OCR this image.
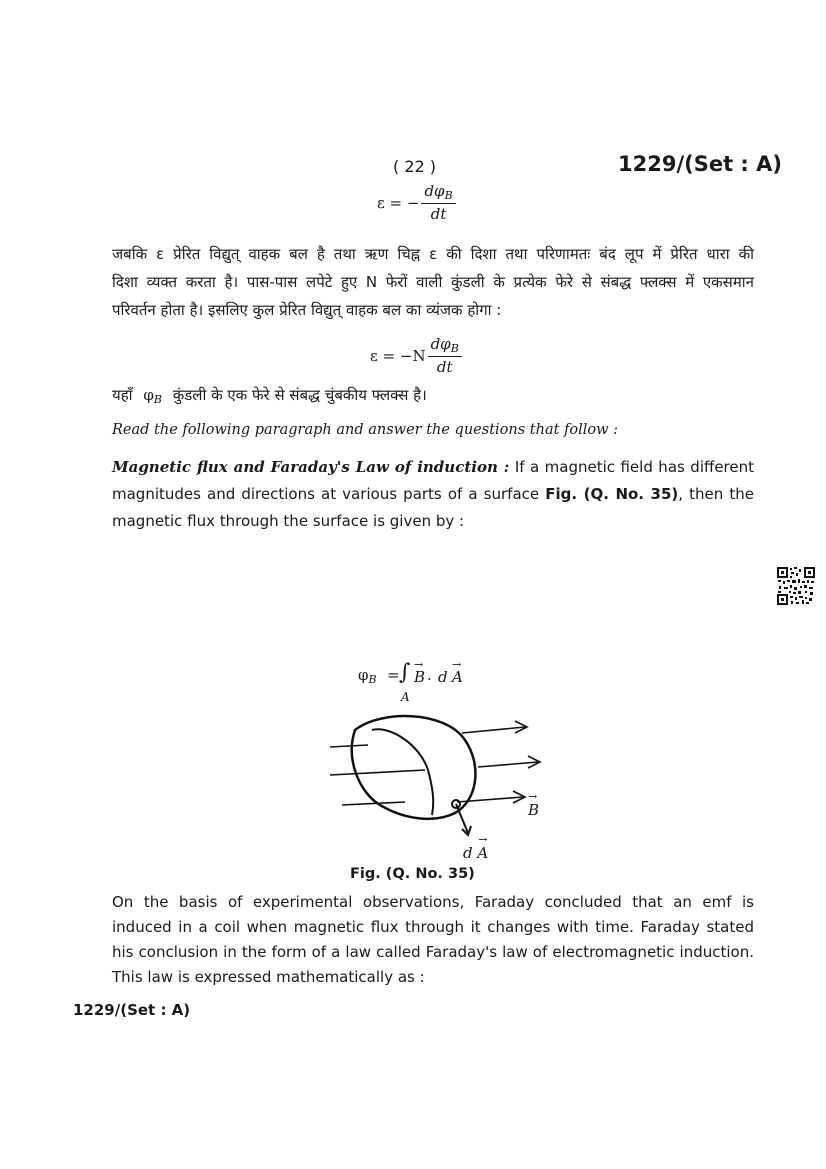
( 22 )	1229/(Set : A)
ε = − $\frac{d\varphi_B}{dt}$
जबकि ε प्रेरित विद्युत् वाहक बल है तथा ऋण चिह्न ε की दिशा तथा परिणामतः बंद लूप में प्रेरित धारा की
दिशा व्यक्त करता है। पास-पास लपेटे हुए N फेरों वाली कुंडली के प्रत्येक फेरे से संबद्ध फ्लक्स में एकसमान
परिवर्तन होता है। इसलिए कुल प्रेरित विद्युत् वाहक बल का व्यंजक होगा :
$\varepsilon = -N \frac{d\varphi_B}{dt}$
यहाँ $\varphi_B$ कुंडली के एक फेरे से संबद्ध चुंबकीय फ्लक्स है।
Read the following paragraph and answer the questions that follow :
Magnetic flux and Faraday's Law of induction : If a magnetic field has different magnitudes and directions at various parts of a surface Fig. (Q. No. 35), then the magnetic flux through the surface is given by :
$\varphi_B$ = ∫
A
→
B . d
→
A
→
B
d
→
A
Fig. (Q. No. 35)
On the basis of experimental observations, Faraday concluded that an emf is induced in a coil when magnetic flux through it changes with time. Faraday stated his conclusion in the form of a law called Faraday's law of electromagnetic induction. This law is expressed mathematically as :
1229/(Set : A)
